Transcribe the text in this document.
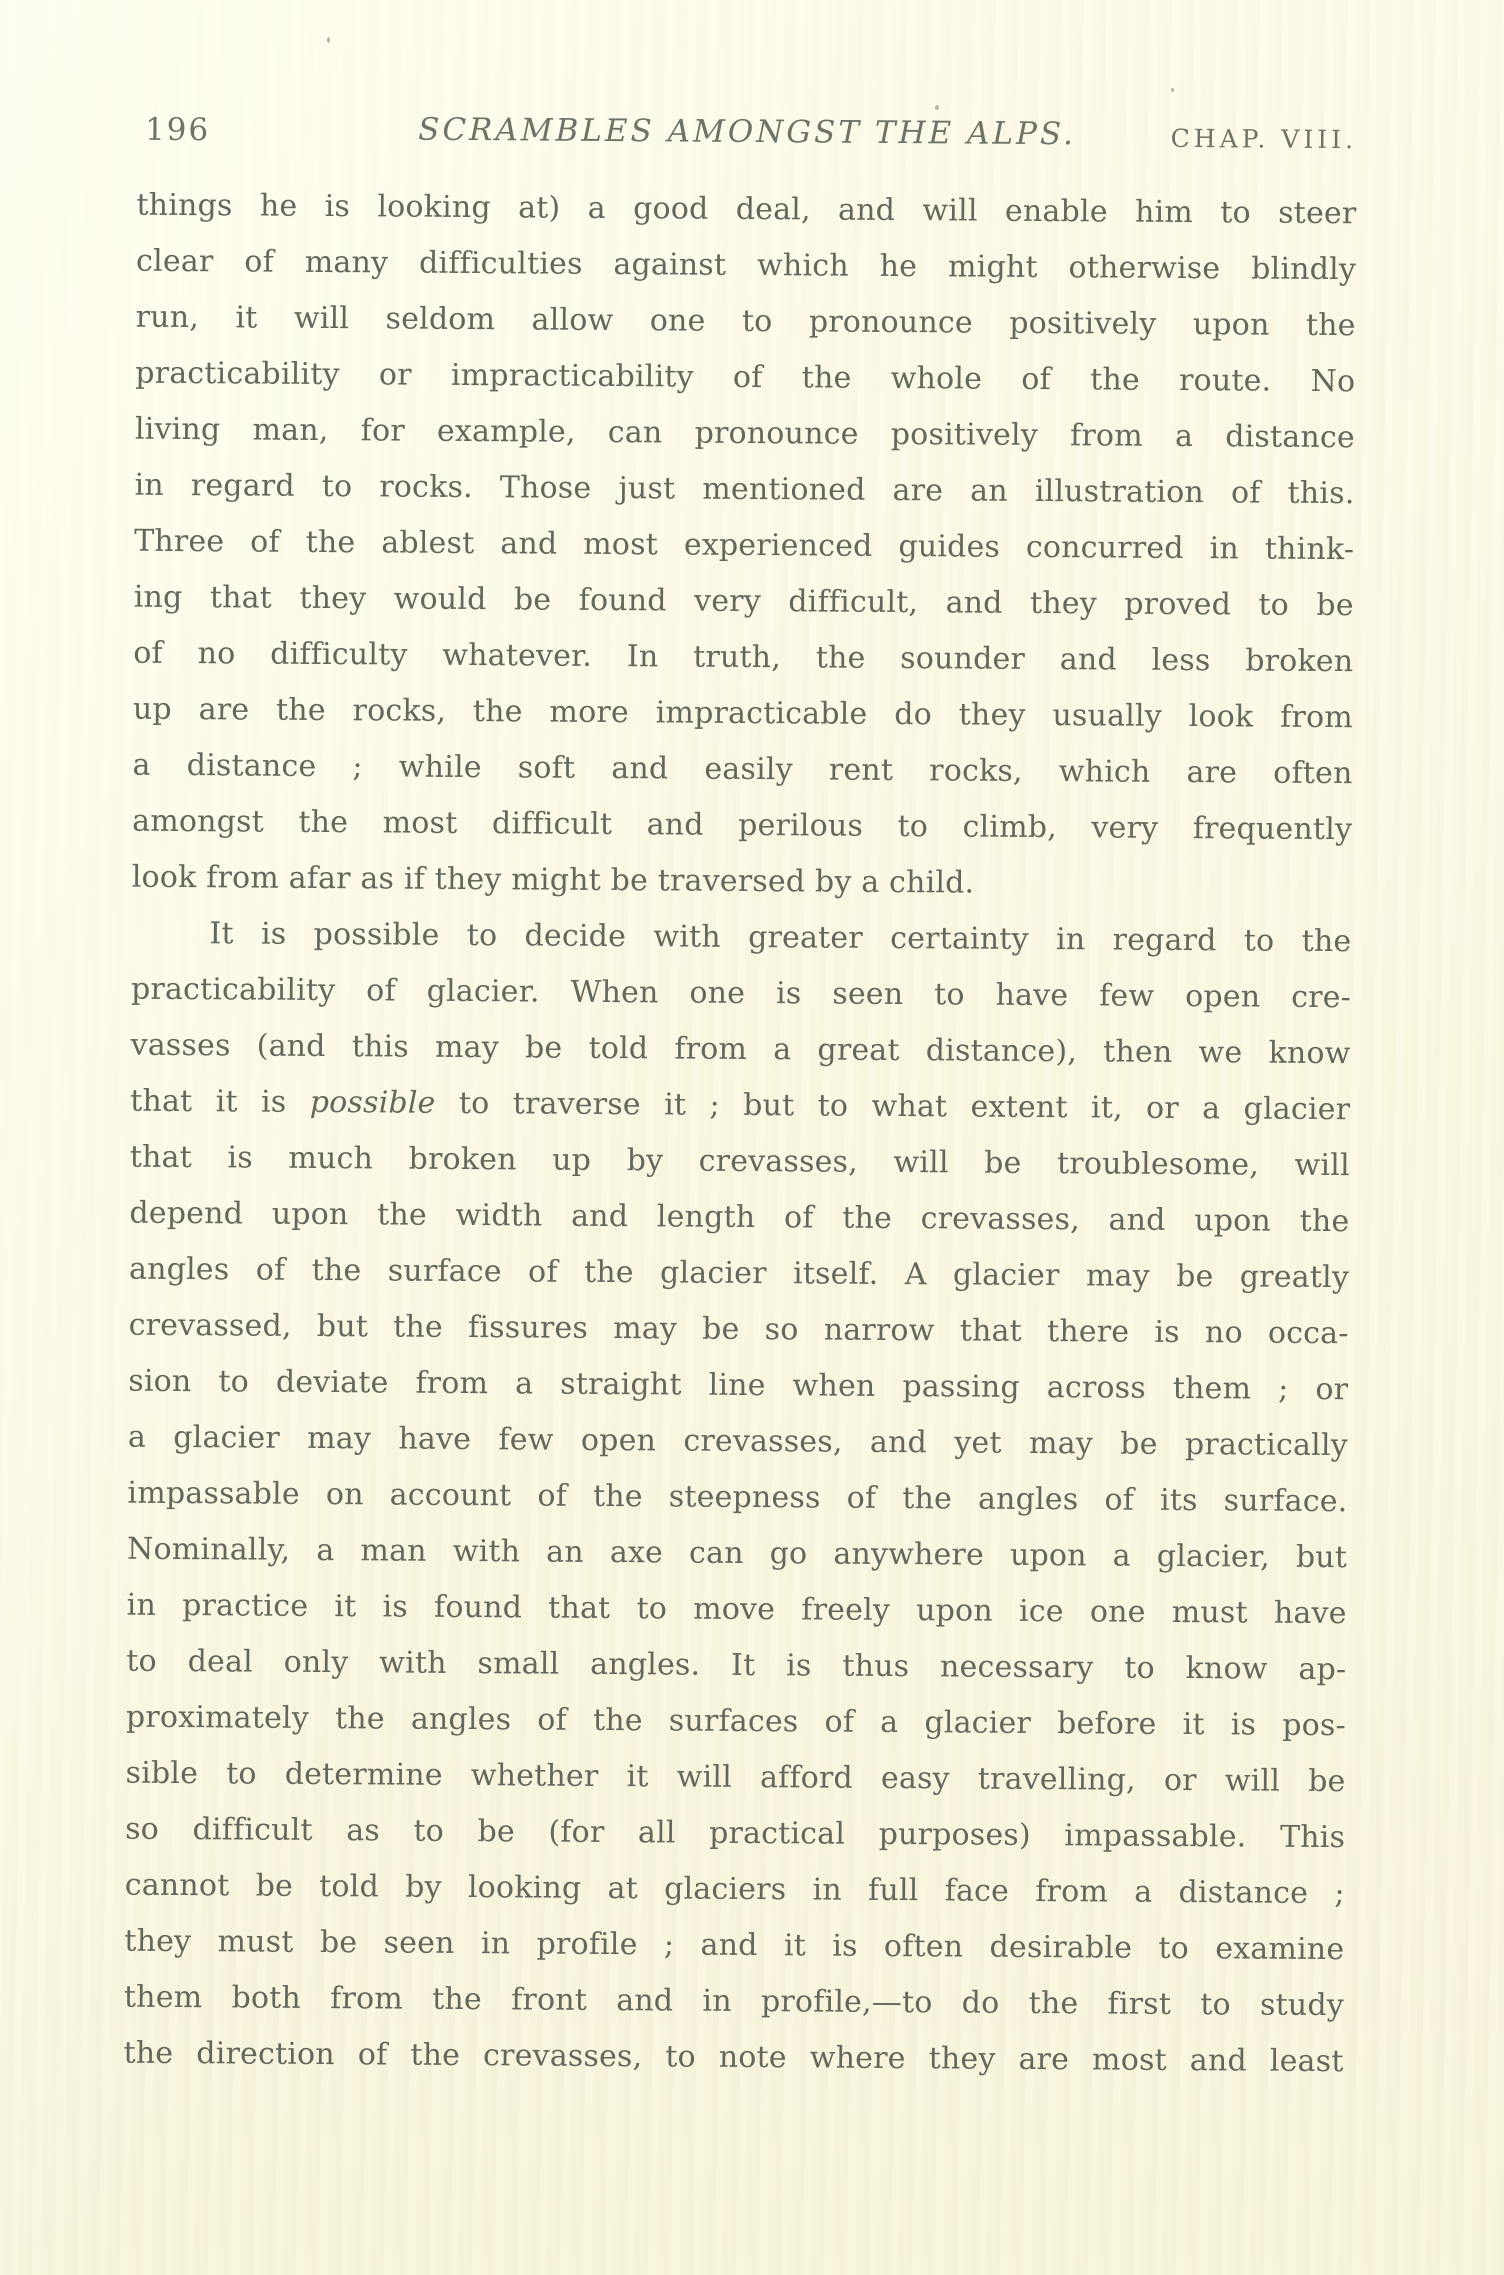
196	SCRAMBLES AMONGST THE ALPS.	CHAP. VIII.
things he is looking at) a good deal, and will enable him to steer
clear of many difficulties against which he might otherwise blindly
run, it will seldom allow one to pronounce positively upon the
practicability or impracticability of the whole of the route. No
living man, for example, can pronounce positively from a distance
in regard to rocks. Those just mentioned are an illustration of this.
Three of the ablest and most experienced guides concurred in think-
ing that they would be found very difficult, and they proved to be
of no difficulty whatever. In truth, the sounder and less broken
up are the rocks, the more impracticable do they usually look from
a distance ; while soft and easily rent rocks, which are often
amongst the most difficult and perilous to climb, very frequently
look from afar as if they might be traversed by a child.
It is possible to decide with greater certainty in regard to the
practicability of glacier. When one is seen to have few open cre-
vasses (and this may be told from a great distance), then we know
that it is possible to traverse it ; but to what extent it, or a glacier
that is much broken up by crevasses, will be troublesome, will
depend upon the width and length of the crevasses, and upon the
angles of the surface of the glacier itself. A glacier may be greatly
crevassed, but the fissures may be so narrow that there is no occa-
sion to deviate from a straight line when passing across them ; or
a glacier may have few open crevasses, and yet may be practically
impassable on account of the steepness of the angles of its surface.
Nominally, a man with an axe can go anywhere upon a glacier, but
in practice it is found that to move freely upon ice one must have
to deal only with small angles. It is thus necessary to know ap-
proximately the angles of the surfaces of a glacier before it is pos-
sible to determine whether it will afford easy travelling, or will be
so difficult as to be (for all practical purposes) impassable. This
cannot be told by looking at glaciers in full face from a distance ;
they must be seen in profile ; and it is often desirable to examine
them both from the front and in profile,—to do the first to study
the direction of the crevasses, to note where they are most and least
